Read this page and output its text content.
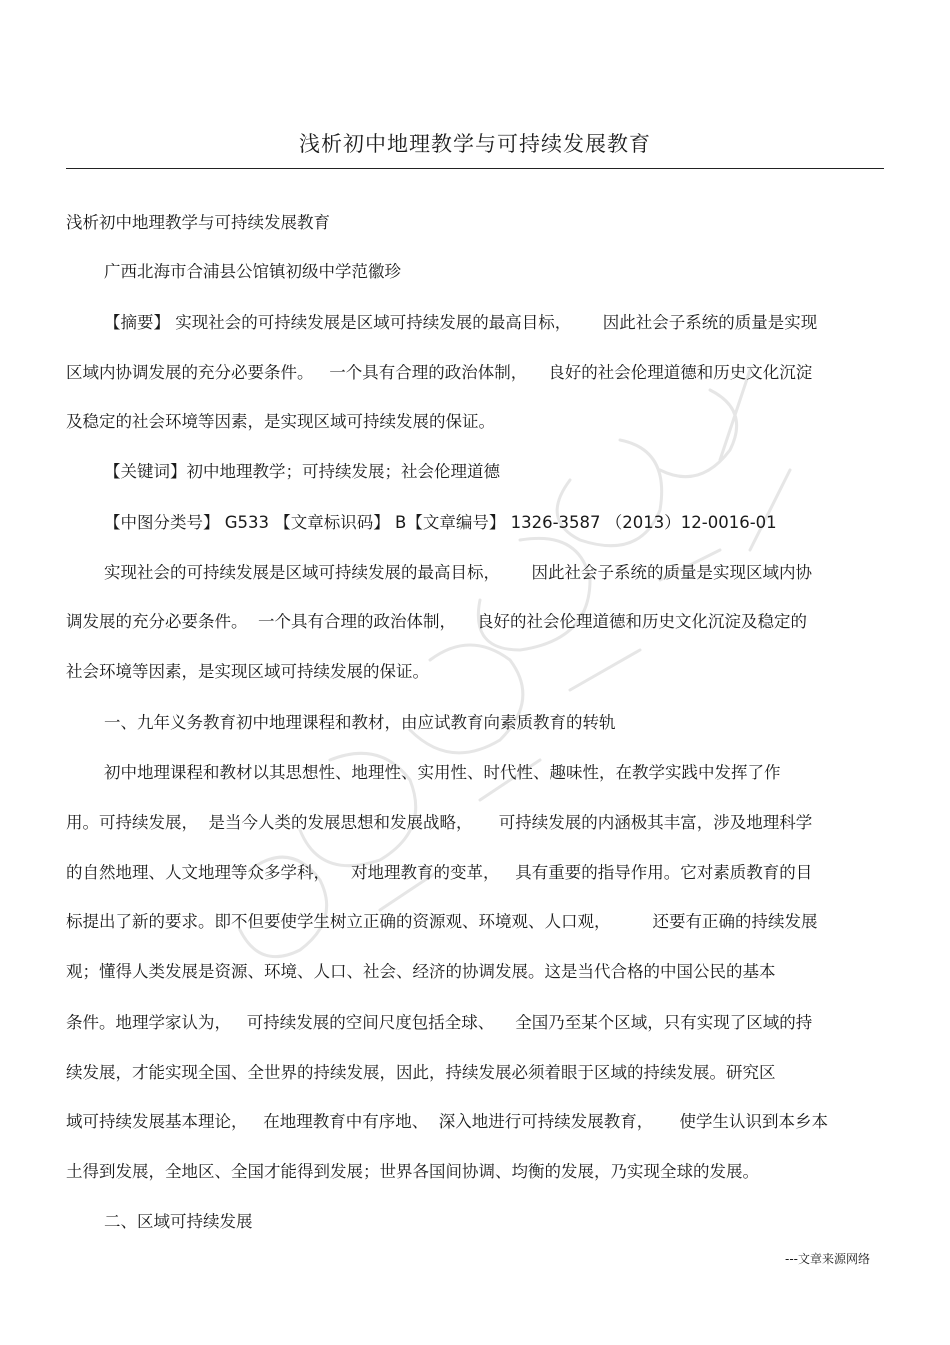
浅析初中地理教学与可持续发展教育

浅析初中地理教学与可持续发展教育

广西北海市合浦县公馆镇初级中学范徽珍

【摘要】 实现社会的可持续发展是区域可持续发展的最高目标，      因此社会子系统的质量是实现

区域内协调发展的充分必要条件。   一个具有合理的政治体制，    良好的社会伦理道德和历史文化沉淀

及稳定的社会环境等因素，是实现区域可持续发展的保证。

【关键词】初中地理教学；可持续发展；社会伦理道德

【中图分类号】 G533 【文章标识码】 B【文章编号】 1326-3587 （2013）12-0016-01

实现社会的可持续发展是区域可持续发展的最高目标，      因此社会子系统的质量是实现区域内协

调发展的充分必要条件。  一个具有合理的政治体制，    良好的社会伦理道德和历史文化沉淀及稳定的

社会环境等因素，是实现区域可持续发展的保证。

一、九年义务教育初中地理课程和教材，由应试教育向素质教育的转轨

初中地理课程和教材以其思想性、地理性、实用性、时代性、趣味性，在教学实践中发挥了作

用。可持续发展，  是当今人类的发展思想和发展战略，     可持续发展的内涵极其丰富，涉及地理科学

的自然地理、人文地理等众多学科，    对地理教育的变革，   具有重要的指导作用。它对素质教育的目

标提出了新的要求。即不但要使学生树立正确的资源观、环境观、人口观，        还要有正确的持续发展

观；懂得人类发展是资源、环境、人口、社会、经济的协调发展。这是当代合格的中国公民的基本

条件。地理学家认为，   可持续发展的空间尺度包括全球、    全国乃至某个区域，只有实现了区域的持

续发展，才能实现全国、全世界的持续发展，因此，持续发展必须着眼于区域的持续发展。研究区

域可持续发展基本理论，   在地理教育中有序地、  深入地进行可持续发展教育，     使学生认识到本乡本

土得到发展，全地区、全国才能得到发展；世界各国间协调、均衡的发展，乃实现全球的发展。

二、区域可持续发展

---文章来源网络
